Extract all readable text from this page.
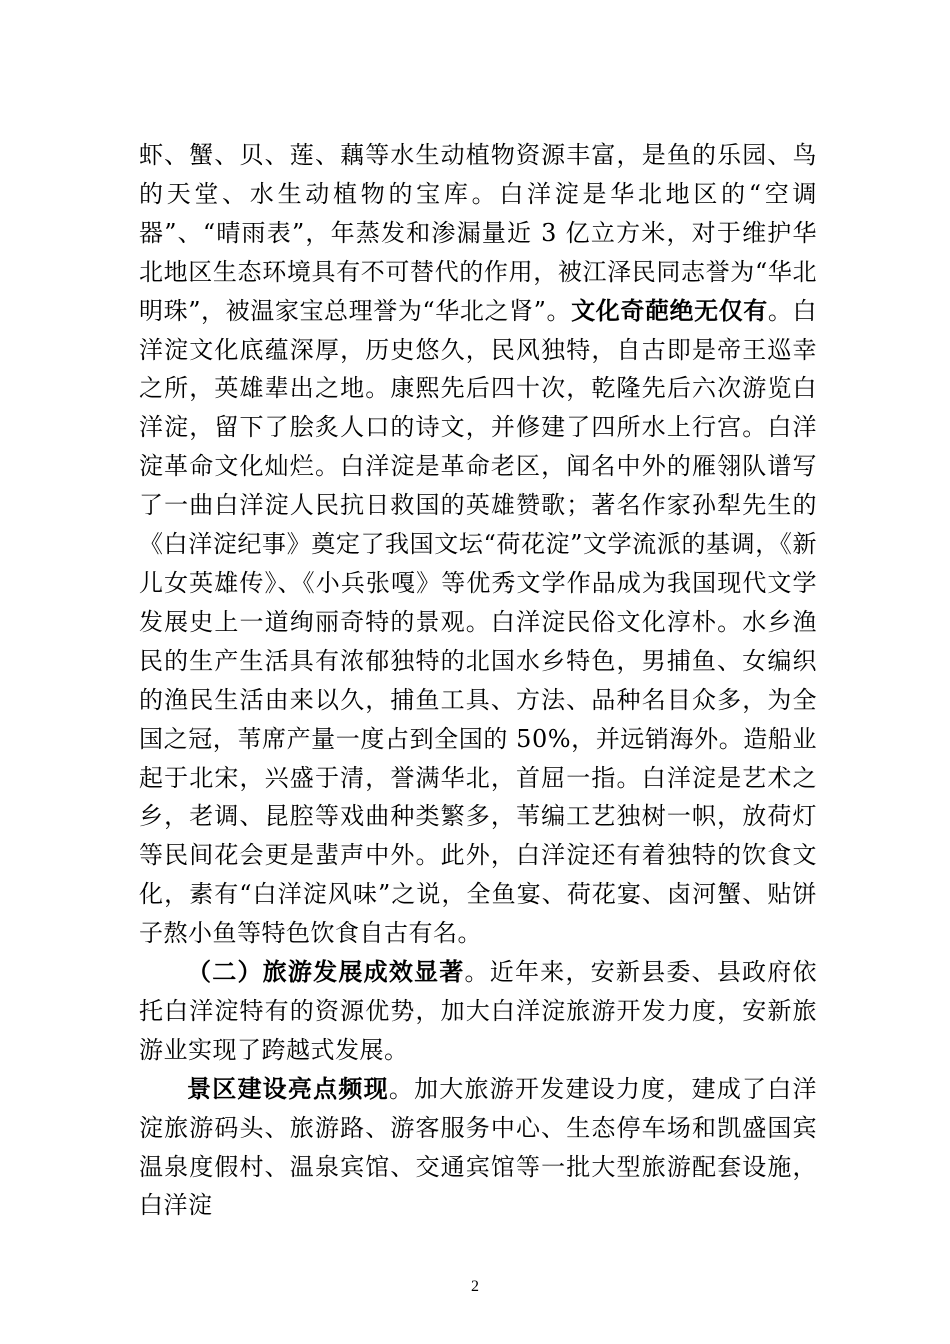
虾、蟹、贝、莲、藕等水生动植物资源丰富，是鱼的乐园、鸟的天堂、水生动植物的宝库。白洋淀是华北地区的“空调器”、“晴雨表”，年蒸发和渗漏量近 3 亿立方米，对于维护华北地区生态环境具有不可替代的作用，被江泽民同志誉为“华北明珠”，被温家宝总理誉为“华北之肾”。文化奇葩绝无仅有。白洋淀文化底蕴深厚，历史悠久，民风独特，自古即是帝王巡幸之所，英雄辈出之地。康熙先后四十次，乾隆先后六次游览白洋淀，留下了脍炙人口的诗文，并修建了四所水上行宫。白洋淀革命文化灿烂。白洋淀是革命老区，闻名中外的雁翎队谱写了一曲白洋淀人民抗日救国的英雄赞歌；著名作家孙犁先生的《白洋淀纪事》奠定了我国文坛“荷花淀”文学流派的基调，《新儿女英雄传》、《小兵张嘎》等优秀文学作品成为我国现代文学发展史上一道绚丽奇特的景观。白洋淀民俗文化淳朴。水乡渔民的生产生活具有浓郁独特的北国水乡特色，男捕鱼、女编织的渔民生活由来以久，捕鱼工具、方法、品种名目众多，为全国之冠，苇席产量一度占到全国的 50%，并远销海外。造船业起于北宋，兴盛于清，誉满华北，首屈一指。白洋淀是艺术之乡，老调、昆腔等戏曲种类繁多，苇编工艺独树一帜，放荷灯等民间花会更是蜚声中外。此外，白洋淀还有着独特的饮食文化，素有“白洋淀风味”之说，全鱼宴、荷花宴、卤河蟹、贴饼子熬小鱼等特色饮食自古有名。

（二）旅游发展成效显著。近年来，安新县委、县政府依托白洋淀特有的资源优势，加大白洋淀旅游开发力度，安新旅游业实现了跨越式发展。

景区建设亮点频现。加大旅游开发建设力度，建成了白洋淀旅游码头、旅游路、游客服务中心、生态停车场和凯盛国宾温泉度假村、温泉宾馆、交通宾馆等一批大型旅游配套设施，白洋淀

2
